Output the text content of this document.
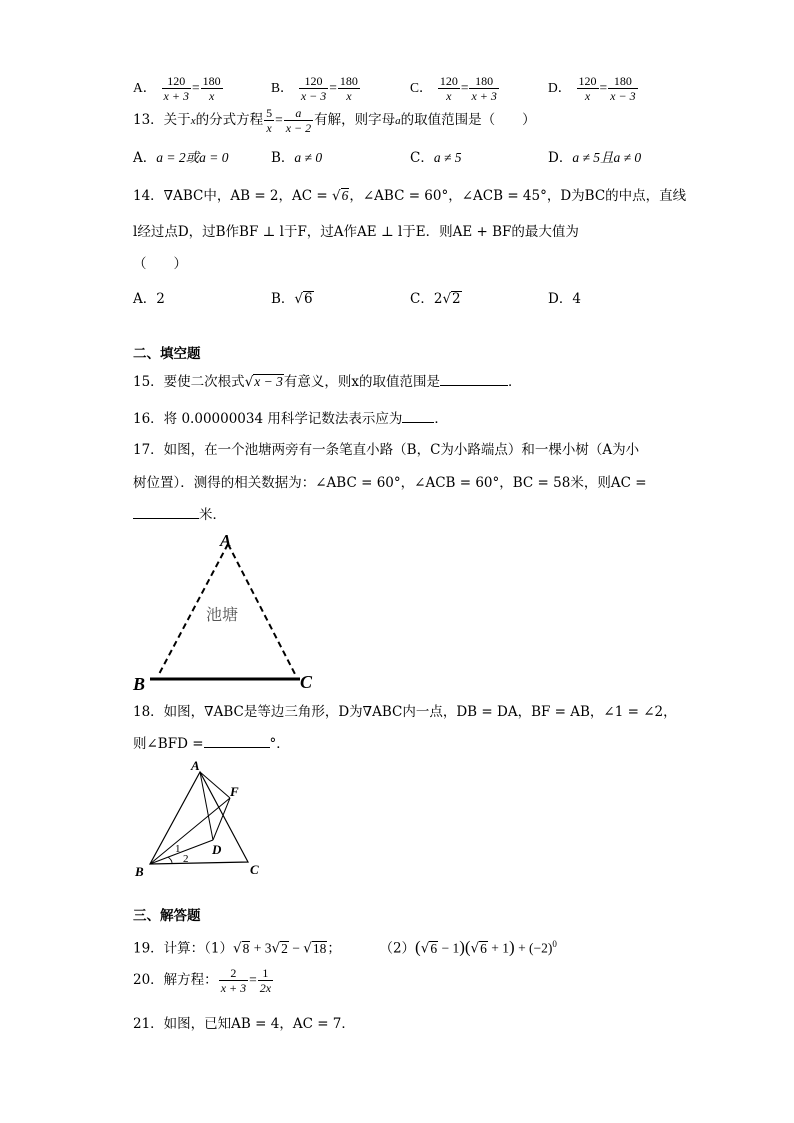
A． $\frac{120}{x + 3} = \frac{180}{x}$	B． $\frac{120}{x - 3} = \frac{180}{x}$	C． $\frac{120}{x} = \frac{180}{x + 3}$	D． $\frac{120}{x} = \frac{180}{x - 3}$
13．关于x的分式方程 $\frac{5}{x} = \frac{a}{x - 2}$ 有解，则字母a的取值范围是（　　）
A．a = 2或a = 0	B．a ≠ 0	C．a ≠ 5	D．a ≠ 5且a ≠ 0
14．∇ABC中，AB = 2，AC = √6，∠ABC = 60°，∠ACB = 45°，D为BC的中点，直线
l经过点D，过B作BF ⊥ l于F，过A作AE ⊥ l于E．则AE + BF的最大值为
（　　）
A．2	B．√6	C．2√2	D．4
二、填空题
15．要使二次根式√x − 3有意义，则x的取值范围是	．
16．将 0.00000034 用科学记数法表示应为 ．
17．如图，在一个池塘两旁有一条笔直小路（B，C为小路端点）和一棵小树（A为小
树位置）．测得的相关数据为：∠ABC = 60°，∠ACB = 60°，BC = 58米，则AC =
米．
A
B	C
池塘
18．如图，∇ABC是等边三角形，D为∇ABC内一点，DB = DA，BF = AB，∠1 = ∠2，
则∠BFD =	°．
A
F
D
B	C
1
2
三、解答题
19．计算：（1）√8 + 3√2 − √18；	$(2)(√6 - 1)(√6 + 1) + (-2)^0$
20．解方程： $\frac{2}{x + 3} = \frac{1}{2x}$
21．如图，已知AB = 4，AC = 7．
